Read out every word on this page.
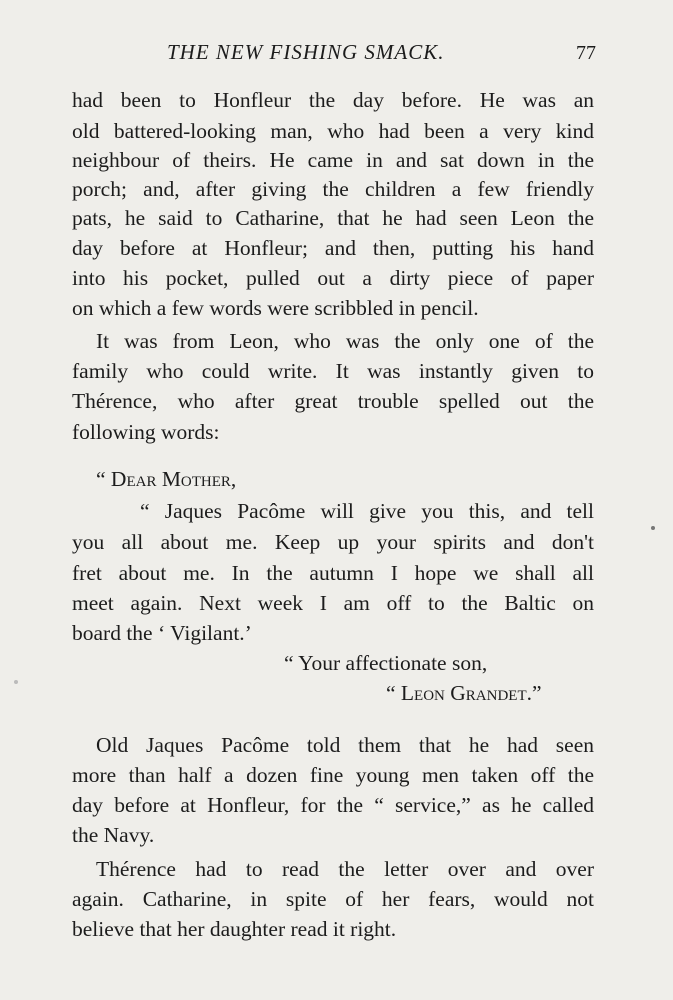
THE NEW FISHING SMACK.	77
had been to Honfleur the day before. He was an
old battered-looking man, who had been a very kind
neighbour of theirs. He came in and sat down in the
porch; and, after giving the children a few friendly
pats, he said to Catharine, that he had seen Leon the
day before at Honfleur; and then, putting his hand
into his pocket, pulled out a dirty piece of paper
on which a few words were scribbled in pencil.
It was from Leon, who was the only one of the
family who could write. It was instantly given to
Thérence, who after great trouble spelled out the
following words:
“ Dear Mother,
“ Jaques Pacôme will give you this, and tell
you all about me. Keep up your spirits and don't
fret about me. In the autumn I hope we shall all
meet again. Next week I am off to the Baltic on
board the ‘ Vigilant.’
“ Your affectionate son,
“ Leon Grandet.”
Old Jaques Pacôme told them that he had seen
more than half a dozen fine young men taken off the
day before at Honfleur, for the “ service,” as he called
the Navy.
Thérence had to read the letter over and over
again. Catharine, in spite of her fears, would not
believe that her daughter read it right.
